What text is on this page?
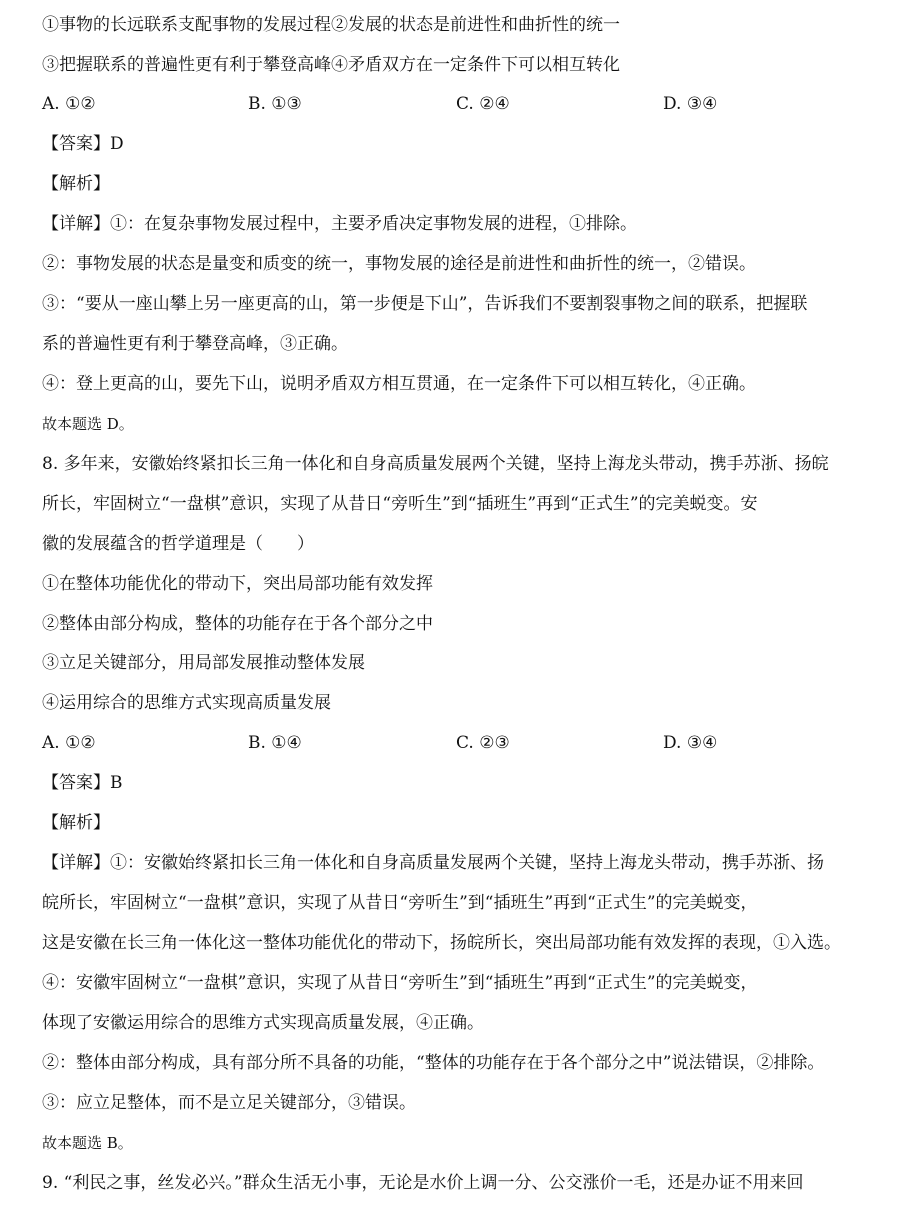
①事物的长远联系支配事物的发展过程②发展的状态是前进性和曲折性的统一
③把握联系的普遍性更有利于攀登高峰④矛盾双方在一定条件下可以相互转化
A. ①②	B. ①③	C. ②④	D. ③④
【答案】D
【解析】
【详解】①：在复杂事物发展过程中，主要矛盾决定事物发展的进程，①排除。
②：事物发展的状态是量变和质变的统一，事物发展的途径是前进性和曲折性的统一，②错误。
③：“要从一座山攀上另一座更高的山，第一步便是下山”，告诉我们不要割裂事物之间的联系，把握联
系的普遍性更有利于攀登高峰，③正确。
④：登上更高的山，要先下山，说明矛盾双方相互贯通，在一定条件下可以相互转化，④正确。
故本题选 D。
8. 多年来，安徽始终紧扣长三角一体化和自身高质量发展两个关键，坚持上海龙头带动，携手苏浙、扬皖
所长，牢固树立“一盘棋”意识，实现了从昔日“旁听生”到“插班生”再到“正式生”的完美蜕变。安
徽的发展蕴含的哲学道理是（　　）
①在整体功能优化的带动下，突出局部功能有效发挥
②整体由部分构成，整体的功能存在于各个部分之中
③立足关键部分，用局部发展推动整体发展
④运用综合的思维方式实现高质量发展
A. ①②	B. ①④	C. ②③	D. ③④
【答案】B
【解析】
【详解】①：安徽始终紧扣长三角一体化和自身高质量发展两个关键，坚持上海龙头带动，携手苏浙、扬
皖所长，牢固树立“一盘棋”意识，实现了从昔日“旁听生”到“插班生”再到“正式生”的完美蜕变，
这是安徽在长三角一体化这一整体功能优化的带动下，扬皖所长，突出局部功能有效发挥的表现，①入选。
④：安徽牢固树立“一盘棋”意识，实现了从昔日“旁听生”到“插班生”再到“正式生”的完美蜕变，
体现了安徽运用综合的思维方式实现高质量发展，④正确。
②：整体由部分构成，具有部分所不具备的功能，“整体的功能存在于各个部分之中”说法错误，②排除。
③：应立足整体，而不是立足关键部分，③错误。
故本题选 B。
9. “利民之事，丝发必兴。”群众生活无小事，无论是水价上调一分、公交涨价一毛，还是办证不用来回
